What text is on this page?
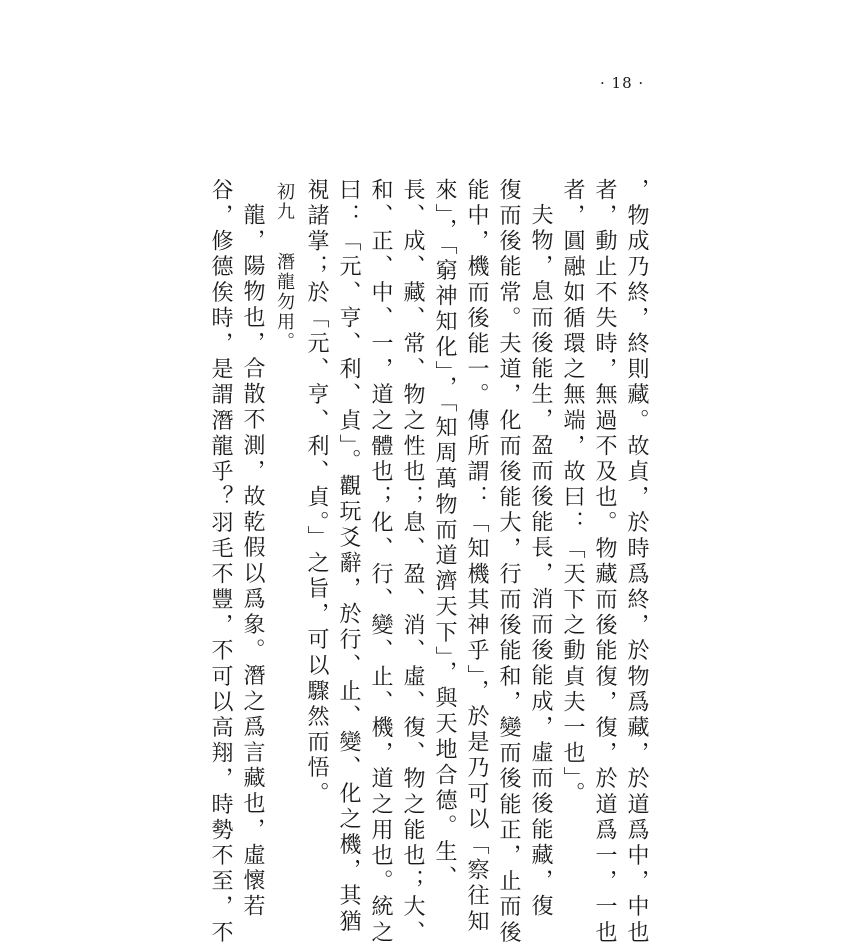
· 18 ·
，物成乃終，終則藏。故貞，於時爲終，於物爲藏，於道爲中，中也
者，動止不失時，無過不及也。物藏而後能復，復，於道爲一，一也
者，圓融如循環之無端，故曰：「天下之動貞夫一也」。
夫物，息而後能生，盈而後能長，消而後能成，虛而後能藏，復
復而後能常。夫道，化而後能大，行而後能和，變而後能正，止而後
能中，機而後能一。傳所謂：「知機其神乎」，於是乃可以「察往知
來」，「窮神知化」，「知周萬物而道濟天下」，與天地合德。生、
長、成、藏、常、物之性也；息、盈、消、虛、復、物之能也；大、
和、正、中、一，道之體也；化、行、變、止、機，道之用也。統之
曰：「元、亨、利、貞」。觀玩爻辭，於行、止、變、化之機，其猶
視諸掌；於「元、亨、利、貞。」之旨，可以驟然而悟。
初九潛龍勿用。
龍，陽物也，合散不測，故乾假以爲象。潛之爲言藏也，虛懷若
谷，修德俟時，是謂潛龍乎？羽毛不豐，不可以高翔，時勢不至，不
